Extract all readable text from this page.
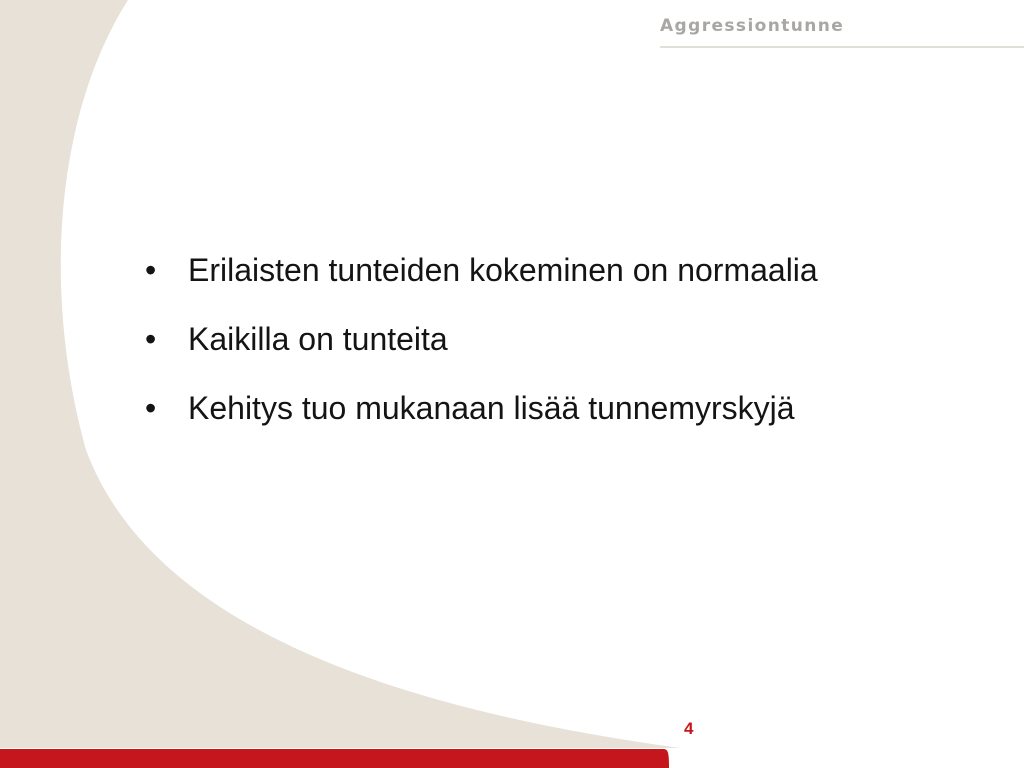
Aggressiontunne
• Erilaisten tunteiden kokeminen on normaalia
• Kaikilla on tunteita
• Kehitys tuo mukanaan lisää tunnemyrskyjä
4
